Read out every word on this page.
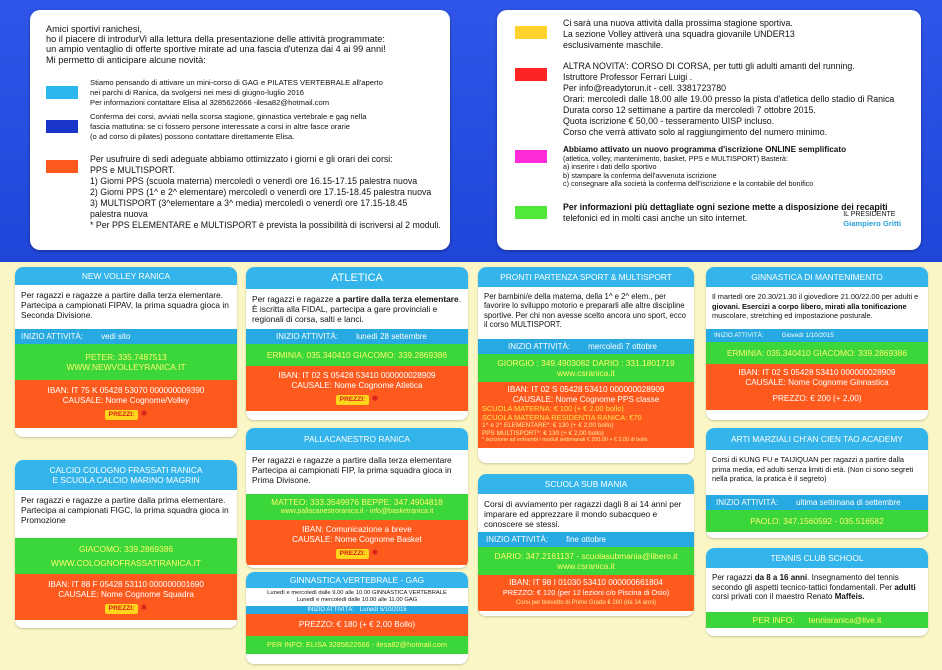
Amici sportivi ranichesi,
ho il piacere di introdurVi alla lettura della presentazione delle attività programmate:
un ampio ventaglio di offerte sportive mirate ad una fascia d'utenza dai 4 ai 99 anni!
Mi permetto di anticipare alcune novità:
Stiamo pensando di attivare un mini-corso di GAG e PILATES VERTEBRALE all'aperto
nei parchi di Ranica, da svolgersi nei mesi di giugno-luglio 2016
Per informazioni contattare Elisa al 3285622666 -ilesa82@hotmail.com
Conferma dei corsi, avviati nella scorsa stagione, ginnastica vertebrale e gag nella
fascia mattutina: se ci fossero persone interessate a corsi in altre fasce orarie
(o ad corso di pilates) possono contattare direttamente Elisa.
Per usufruire di sedi adeguate abbiamo ottimizzato i giorni e gli orari dei corsi:
PPS e MULTISPORT.
1) Giorni PPS (scuola materna) mercoledì o venerdì ore 16.15-17.15 palestra nuova
2) Giorni PPS (1^ e 2^ elementare) mercoledì o venerdì ore 17.15-18.45 palestra nuova
3) MULTISPORT (3^elementare a 3^ media) mercoledì o venerdì ore 17.15-18.45
palestra nuova
* Per PPS ELEMENTARE e MULTISPORT è prevista la possibilità di iscriversi al 2 moduli.
Ci sarà una nuova attività dalla prossima stagione sportiva.
La sezione Volley attiverà una squadra giovanile UNDER13
esclusivamente maschile.
ALTRA NOVITA': CORSO DI CORSA, per tutti gli adulti amanti del running.
Istruttore Professor Ferrari Luigi .
Per info@readytorun.it - cell. 3381723780
Orari: mercoledì dalle 18.00 alle 19.00 presso la pista d'atletica dello stadio di Ranica
Durata corso 12 settimane a partire da mercoledì 7 ottobre 2015.
Quota iscrizione € 50,00 - tesseramento UISP incluso.
Corso che verrà attivato solo al raggiungimento del numero minimo.
Abbiamo attivato un nuovo programma d'iscrizione ONLINE semplificato
(atletica, volley, mantenimento, basket, PPS e MULTISPORT) Basterà:
a) inserire i dati dello sportivo
b) stampare la conferma dell'avvenuta iscrizione
c) consegnare alla società la conferma dell'iscrizione e la contabile del bonifico
Per informazioni più dettagliate ogni sezione mette a disposizione dei recapiti
telefonici ed in molti casi anche un sito internet.	IL PRESIDENTE
Giampiero Gritti
NEW VOLLEY RANICA
Per ragazzi e ragazze a partire dalla terza elementare. Partecipa a campionati FIPAV, la prima squadra gioca in Seconda Divisione.
INIZIO ATTIVITÀ: vedi sito
PETER: 335.7487513
WWW.NEWVOLLEYRANICA.IT
IBAN: IT 75 K 05428 53070 000000009390
CAUSALE: Nome Cognome/Volley
PREZZI: ✱
CALCIO COLOGNO FRASSATI RANICA
E SCUOLA CALCIO MARINO MAGRIN
Per ragazzi e ragazze a partire dalla prima elementare. Partecipa ai campionati FIGC, la prima squadra gioca in Promozione
GIACOMO: 339.2869386
WWW.COLOGNOFRASSATIRANICA.IT
IBAN: IT 88 F 05428 53110 000000001690
CAUSALE: Nome Cognome Squadra
PREZZI: ✱
ATLETICA
Per ragazzi e ragazze a partire dalla terza elementare. È iscritta alla FIDAL, partecipa a gare provinciali e regionali di corsa, salti e lanci.
INIZIO ATTIVITÀ: lunedì 28 settembre
ERMINIA: 035.340410 GIACOMO: 339.2869386
IBAN: IT 02 S 05428 53410 000000028909
CAUSALE: Nome Cognome Atletica
PREZZI: ✱
PALLACANESTRO RANICA
Per ragazzi e ragazze a partire dalla terza elementare Partecipa ai campionati FIP, la prima squadra gioca in Prima Divisone.
MATTEO: 333.3549976 BEPPE: 347.4904818
www.pallacanestroranica.it - info@basketranica.it
IBAN: Comunicazione a breve
CAUSALE: Nome Cognome Basket
PREZZI: ✱
GINNASTICA VERTEBRALE - GAG
Lunedì e mercoledì dalle 9.00 alle 10.00 GINNASTICA VERTEBRALE
Lunedì e mercoledì dalle 10.00 alle 11.00 GAG
INIZIO ATTIVITÀ: Lunedì 5/10/2015
PREZZO: € 180 (+ € 2,00 Bollo)
PER INFO: ELISA 3285622666 - ilesa82@hotmail.com
PRONTI PARTENZA SPORT & MULTISPORT
Per bambini/e della materna, della 1^ e 2^ elem., per favorire lo sviluppo motorio e prepararli alle altre discipline sportive. Per chi non avesse scelto ancora uno sport, ecco il corso MULTISPORT.
INIZIO ATTIVITÀ: mercoledì 7 ottobre
GIORGIO : 349.4903082 DARIO : 331.1801719
www.csranica.it
IBAN: IT 02 S 05428 53410 000000028909
CAUSALE: Nome Cognome PPS classe
SCUOLA MATERNA: € 100 (+ € 2,00 bollo)
SCUOLA MATERNA RESIDENTIA RANICA: €70
1^ e 2^ ELEMENTARE*: € 130 (+ € 2,00 bollo)
PPS MULTISPORT*: € 130 (+ € 2,00 bollo)
* iscrizione ad entrambi i moduli settimanali € 200,00 + € 2,00 di bollo
SCUOLA SUB MANIA
Corsi di avviamento per ragazzi dagli 8 ai 14 anni per imparare ed apprezzare il mondo subacqueo e conoscere se stessi.
INIZIO ATTIVITÀ: fine ottobre
DARIO: 347.2161137 - scuolasubmania@libero.it
www.csranica.it
IBAN: IT 98 I 01030 53410 000000661804
PREZZO: € 120 (per 12 lezioni c/o Piscina di Osio)
Corsi per brevetto di Primo Grado € 260 (da 14 anni)
GINNASTICA DI MANTENIMENTO
Il martedì ore 20.30/21.30 il giovedìore 21.00/22.00 per adulti e giovani. Esercizi a corpo libero, mirati alla tonificazione muscolare, stretching ed impostazione posturale.
INIZIO ATTIVITÀ:	Giovedì 1/10/2015
ERMINIA: 035.340410 GIACOMO: 339.2869386
IBAN: IT 02 S 05428 53410 000000028909
CAUSALE: Nome Cognome Ginnastica
PREZZO: € 200 (+ 2,00)
ARTI MARZIALI CH'AN CIEN TAO ACADEMY
Corsi di KUNG FU e TAIJIQUAN per ragazzi a partire dalla prima media, ed adulti senza limiti di età. (Non ci sono segreti nella pratica, la pratica è il segreto)
INIZIO ATTIVITÀ: ultima settimana di settembre
PAOLO: 347.1560592 - 035.516582
TENNIS CLUB SCHOOL
Per ragazzi da 8 a 16 anni. Insegnamento del tennis secondo gli aspetti tecnico-tattici fondamentali. Per adulti corsi privati con il maestro Renato Maffeis.
PER INFO: tennisranica@live.it
